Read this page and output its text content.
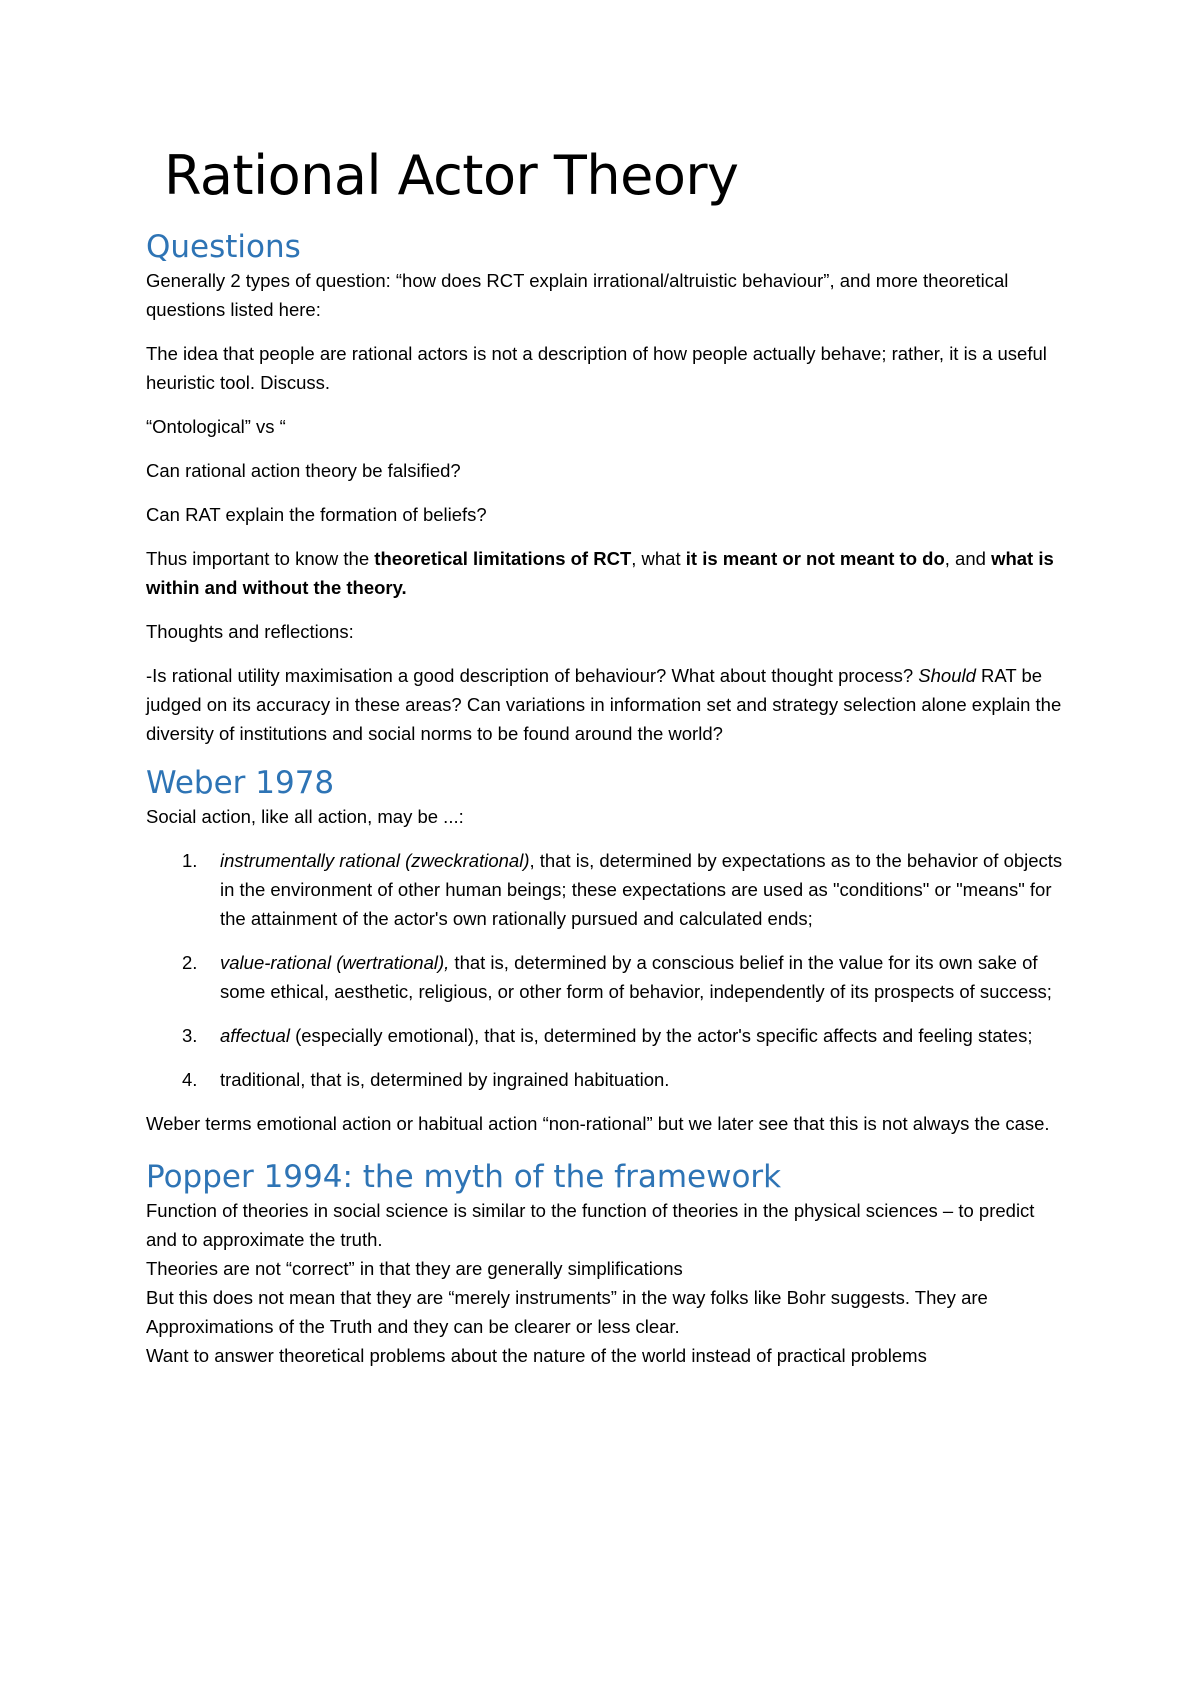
Rational Actor Theory
Questions

Generally 2 types of question: “how does RCT explain irrational/altruistic behaviour”, and more theoretical questions listed here:

The idea that people are rational actors is not a description of how people actually behave; rather, it is a useful heuristic tool. Discuss.

“Ontological” vs “

Can rational action theory be falsified?

Can RAT explain the formation of beliefs?

Thus important to know the theoretical limitations of RCT, what it is meant or not meant to do, and what is within and without the theory.

Thoughts and reflections:

-Is rational utility maximisation a good description of behaviour? What about thought process? Should RAT be judged on its accuracy in these areas? Can variations in information set and strategy selection alone explain the diversity of institutions and social norms to be found around the world?

Weber 1978

Social action, like all action, may be ...:

1. instrumentally rational (zweckrational), that is, determined by expectations as to the behavior of objects in the environment of other human beings; these expectations are used as "conditions" or "means" for the attainment of the actor's own rationally pursued and calculated ends;
2. value-rational (wertrational), that is, determined by a conscious belief in the value for its own sake of some ethical, aesthetic, religious, or other form of behavior, independently of its prospects of success;
3. affectual (especially emotional), that is, determined by the actor's specific affects and feeling states;
4. traditional, that is, determined by ingrained habituation.

Weber terms emotional action or habitual action “non-rational” but we later see that this is not always the case.

Popper 1994: the myth of the framework

Function of theories in social science is similar to the function of theories in the physical sciences – to predict and to approximate the truth.

Theories are not “correct” in that they are generally simplifications

But this does not mean that they are “merely instruments” in the way folks like Bohr suggests. They are Approximations of the Truth and they can be clearer or less clear.

Want to answer theoretical problems about the nature of the world instead of practical problems
